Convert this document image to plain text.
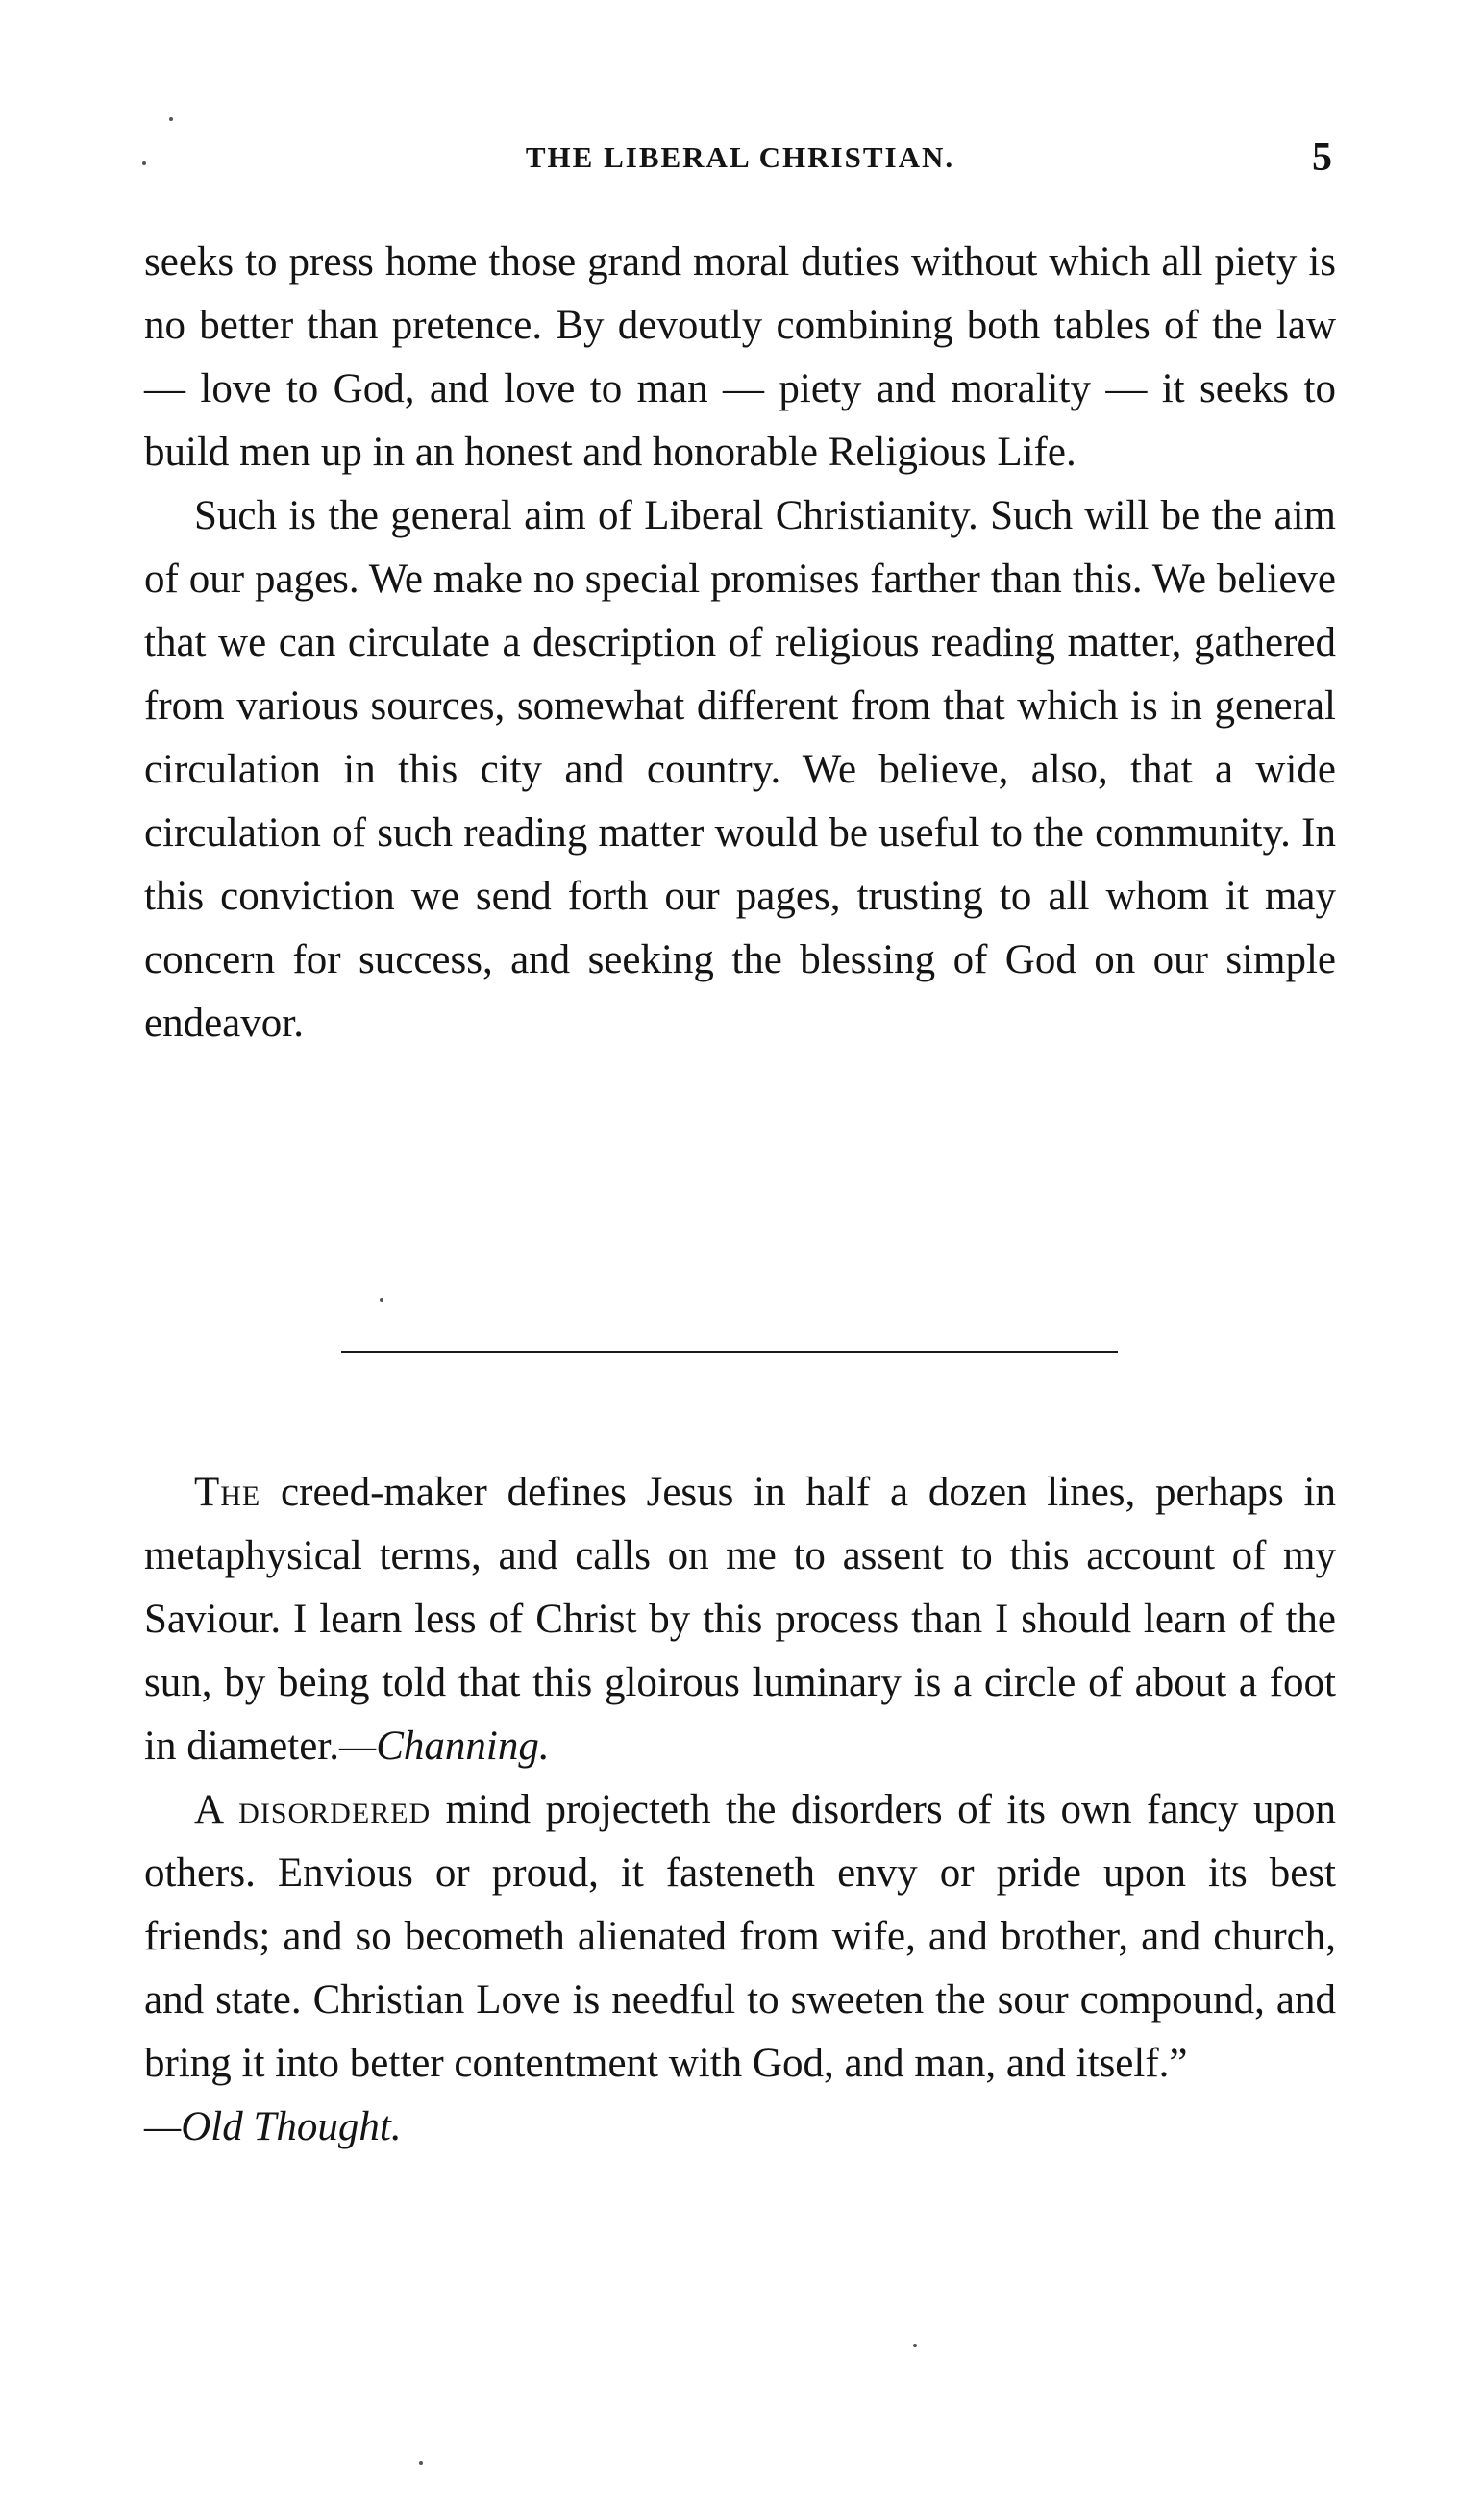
THE LIBERAL CHRISTIAN.	5

seeks to press home those grand moral duties without which all piety is no better than pretence. By devoutly combining both tables of the law — love to God, and love to man — piety and morality — it seeks to build men up in an honest and honorable Religious Life.

Such is the general aim of Liberal Christianity. Such will be the aim of our pages. We make no special promises farther than this. We believe that we can circulate a description of religious reading matter, gathered from various sources, somewhat different from that which is in general circulation in this city and country. We believe, also, that a wide circulation of such reading matter would be useful to the community. In this conviction we send forth our pages, trusting to all whom it may concern for success, and seeking the blessing of God on our simple endeavor.

The creed-maker defines Jesus in half a dozen lines, perhaps in metaphysical terms, and calls on me to assent to this account of my Saviour. I learn less of Christ by this process than I should learn of the sun, by being told that this gloirous luminary is a circle of about a foot in diameter.—Channing.

A disordered mind projecteth the disorders of its own fancy upon others. Envious or proud, it fasteneth envy or pride upon its best friends; and so becometh alienated from wife, and brother, and church, and state. Christian Love is needful to sweeten the sour compound, and bring it into better contentment with God, and man, and itself.”

—Old Thought.
